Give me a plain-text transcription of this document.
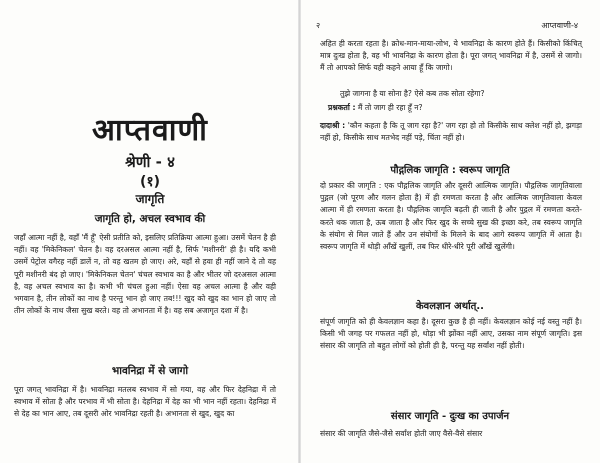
आप्तवाणी
श्रेणी - ४
(१)
जागृति
जागृति हो, अचल स्वभाव की

जहाँ आत्मा नहीं है, वहाँ 'मैं हूँ' ऐसी प्रतीति को, इसलिए प्रतिक्रिया आत्मा हुआ। उसमें चेतन है ही नहीं। वह 'मिकेनिकल' चेतन है। वह दरअसल आत्मा नहीं है, सिर्फ 'मशीनरी' ही है। यदि कभी उसमें पेट्रोल वगैरह नहीं डालें न, तो वह खतम हो जाए। अरे, यहाँ से हवा ही नहीं जाने दे तो वह पूरी मशीनरी बंद हो जाए। 'मिकेनिकल चेतन' चंचल स्वभाव का है और भीतर जो दरअसल आत्मा है, वह अचल स्वभाव का है। कभी भी चंचल हुआ नहीं। ऐसा वह अचल आत्मा है और वही भगवान है, तीन लोकों का नाथ है परन्तु भान हो जाए तब!!! खुद को खुद का भान हो जाए तो तीन लोकों के नाथ जैसा सुख बरते। वह तो अभानता में है। वह सब अजागृत दशा में है।

भावनिद्रा में से जागो

पूरा जगत् भावनिद्रा में है। भावनिद्रा मतलब स्वभाव में सो गया, वह और फिर देहनिद्रा में तो स्वभाव में सोता है और परभाव में भी सोता है। देहनिद्रा में देह का भी भान नहीं रहता। देहनिद्रा में से देह का भान आए, तब दूसरी ओर भावनिद्रा रहती है। अभानता से खुद, खुद का

२	आप्तवाणी-४

अहित ही करता रहता है। क्रोध-मान-माया-लोभ, ये भावनिद्रा के कारण होते हैं। किसीको किंचित् मात्र दुःख होता है, वह भी भावनिद्रा के कारण होता है। पूरा जगत् भावनिद्रा में है, उसमें से जागो। मैं तो आपको सिर्फ यही कहने आया हूँ कि जागो।

तुझे जागना है या सोना है? ऐसे कब तक सोता रहेगा?
प्रश्नकर्ता : मैं तो जाग ही रहा हूँ न?

दादाश्री : 'कौन कहता है कि तू जाग रहा है?' जग रहा हो तो किसीके साथ क्लेश नहीं हो, झगड़ा नहीं हो, किसीके साथ मतभेद नहीं पड़े, चिंता नहीं हो।

पौद्गलिक जागृति : स्वरूप जागृति

दो प्रकार की जागृति : एक पौद्गलिक जागृति और दूसरी आत्मिक जागृति। पौद्गलिक जागृतिवाला पुद्गल (जो पूरण और गलन होता है) में ही रमणता करता है और आत्मिक जागृतिवाला केवल आत्मा में ही रमणता करता है। पौद्गलिक जागृति बढ़ती ही जाती है और पुद्गल में रमणता करते-करते थक जाता है, ऊब जाता है और फिर खुद के सच्चे सुख की इच्छा करे, तब स्वरूप जागृति के संयोग से मिल जाते हैं और उन संयोगों के मिलने के बाद आगे स्वरूप जागृति में आता है। स्वरूप जागृति में थोड़ी आँखें खुलीं, तब फिर धीरे-धीरे पूरी आँखें खुलेंगी।

केवलज्ञान अर्थात्..

संपूर्ण जागृति को ही केवलज्ञान कहा है। दूसरा कुछ है ही नहीं। केवलज्ञान कोई नई वस्तु नहीं है। किसी भी जगह पर गफलत नहीं हो, थोड़ा भी झोंका नहीं आए, उसका नाम संपूर्ण जागृति। इस संसार की जागृति तो बहुत लोगों को होती ही है, परन्तु यह सर्वांश नहीं होती।

संसार जागृति - दुःख का उपार्जन

संसार की जागृति जैसे-जैसे सर्वांश होती जाए वैसे-वैसे संसार
